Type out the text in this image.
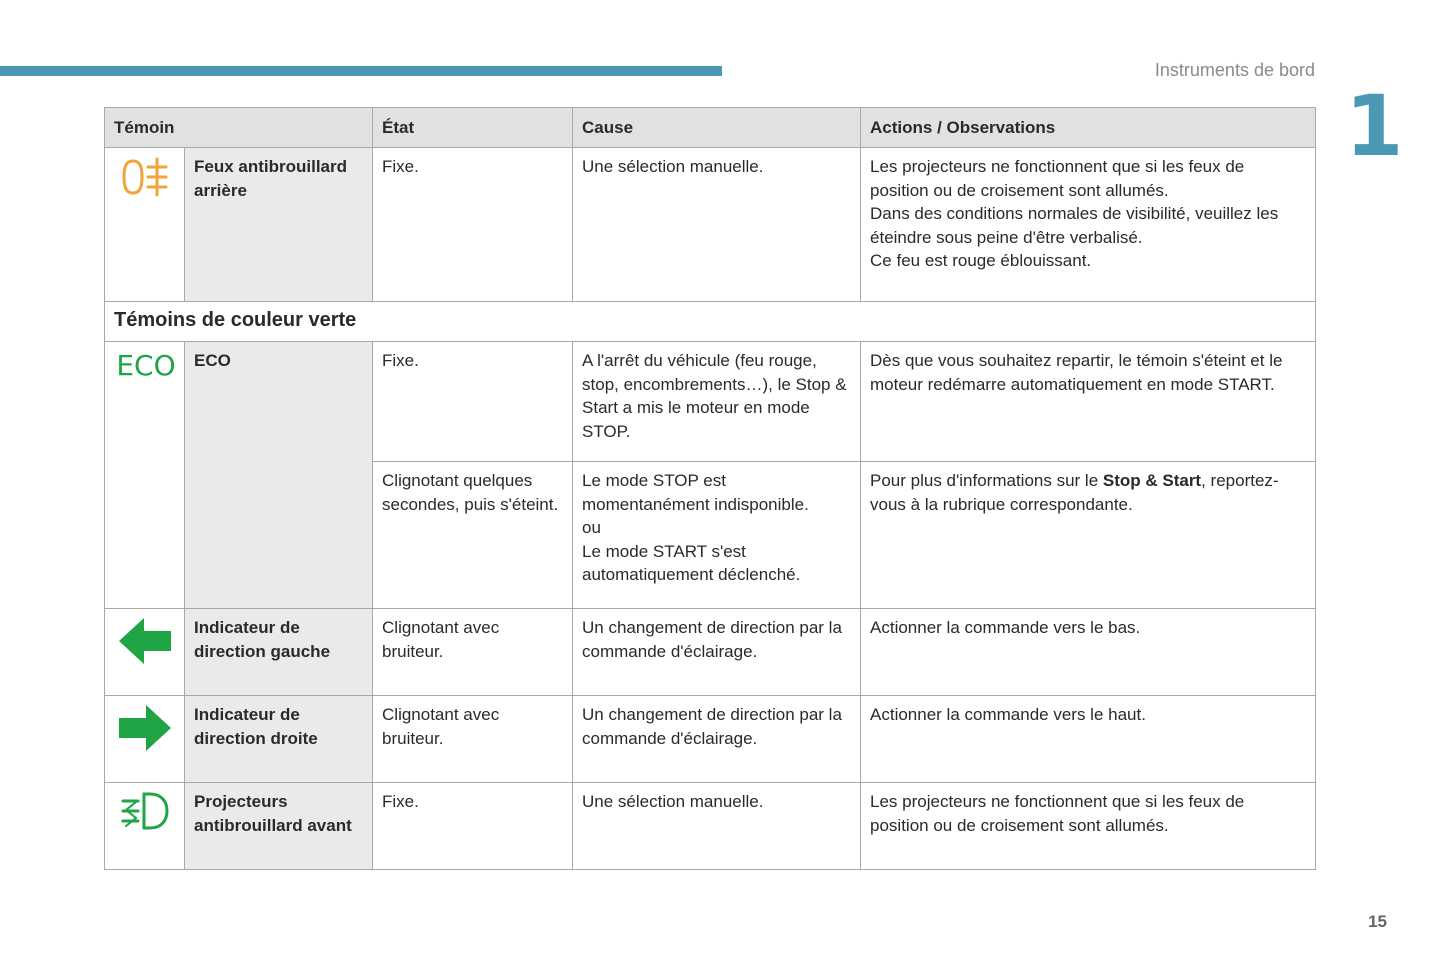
Instruments de bord
1
Témoin		État	Cause	Actions / Observations
	Feux antibrouillard arrière	Fixe.	Une sélection manuelle.	Les projecteurs ne fonctionnent que si les feux de position ou de croisement sont allumés.
Dans des conditions normales de visibilité, veuillez les éteindre sous peine d'être verbalisé.
Ce feu est rouge éblouissant.

Témoins de couleur verte				

ECO	ECO	Fixe.	A l'arrêt du véhicule (feu rouge, stop, encombrements…), le Stop & Start a mis le moteur en mode STOP.	Dès que vous souhaitez repartir, le témoin s'éteint et le moteur redémarre automatiquement en mode START.
		Clignotant quelques secondes, puis s'éteint.	Le mode STOP est momentanément indisponible.
ou
Le mode START s'est automatiquement déclenché.	Pour plus d'informations sur le Stop & Start, reportez-vous à la rubrique correspondante.
	Indicateur de direction gauche	Clignotant avec bruiteur.	Un changement de direction par la commande d'éclairage.	Actionner la commande vers le bas.
	Indicateur de direction droite	Clignotant avec bruiteur.	Un changement de direction par la commande d'éclairage.	Actionner la commande vers le haut.
	Projecteurs antibrouillard avant	Fixe.	Une sélection manuelle.	Les projecteurs ne fonctionnent que si les feux de position ou de croisement sont allumés.
15
